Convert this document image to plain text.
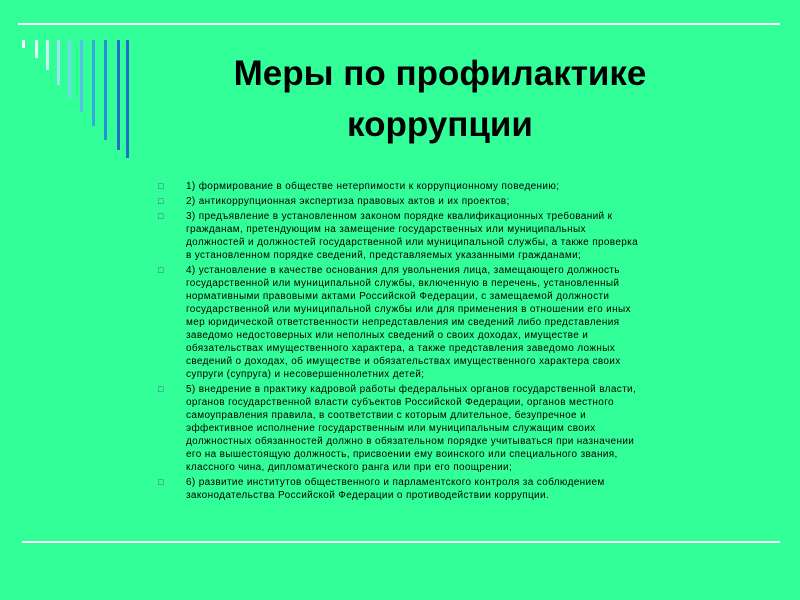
Меры по профилактике
коррупции
□ 1) формирование в обществе нетерпимости к коррупционному поведению;
□ 2) антикоррупционная экспертиза правовых актов и их проектов;
□ 3) предъявление в установленном законом порядке квалификационных требований к
гражданам, претендующим на замещение государственных или муниципальных
должностей и должностей государственной или муниципальной службы, а также проверка
в установленном порядке сведений, представляемых указанными гражданами;
□ 4) установление в качестве основания для увольнения лица, замещающего должность
государственной или муниципальной службы, включенную в перечень, установленный
нормативными правовыми актами Российской Федерации, с замещаемой должности
государственной или муниципальной службы или для применения в отношении его иных
мер юридической ответственности непредставления им сведений либо представления
заведомо недостоверных или неполных сведений о своих доходах, имуществе и
обязательствах имущественного характера, а также представления заведомо ложных
сведений о доходах, об имуществе и обязательствах имущественного характера своих
супруги (супруга) и несовершеннолетних детей;
□ 5) внедрение в практику кадровой работы федеральных органов государственной власти,
органов государственной власти субъектов Российской Федерации, органов местного
самоуправления правила, в соответствии с которым длительное, безупречное и
эффективное исполнение государственным или муниципальным служащим своих
должностных обязанностей должно в обязательном порядке учитываться при назначении
его на вышестоящую должность, присвоении ему воинского или специального звания,
классного чина, дипломатического ранга или при его поощрении;
□ 6) развитие институтов общественного и парламентского контроля за соблюдением
законодательства Российской Федерации о противодействии коррупции.
